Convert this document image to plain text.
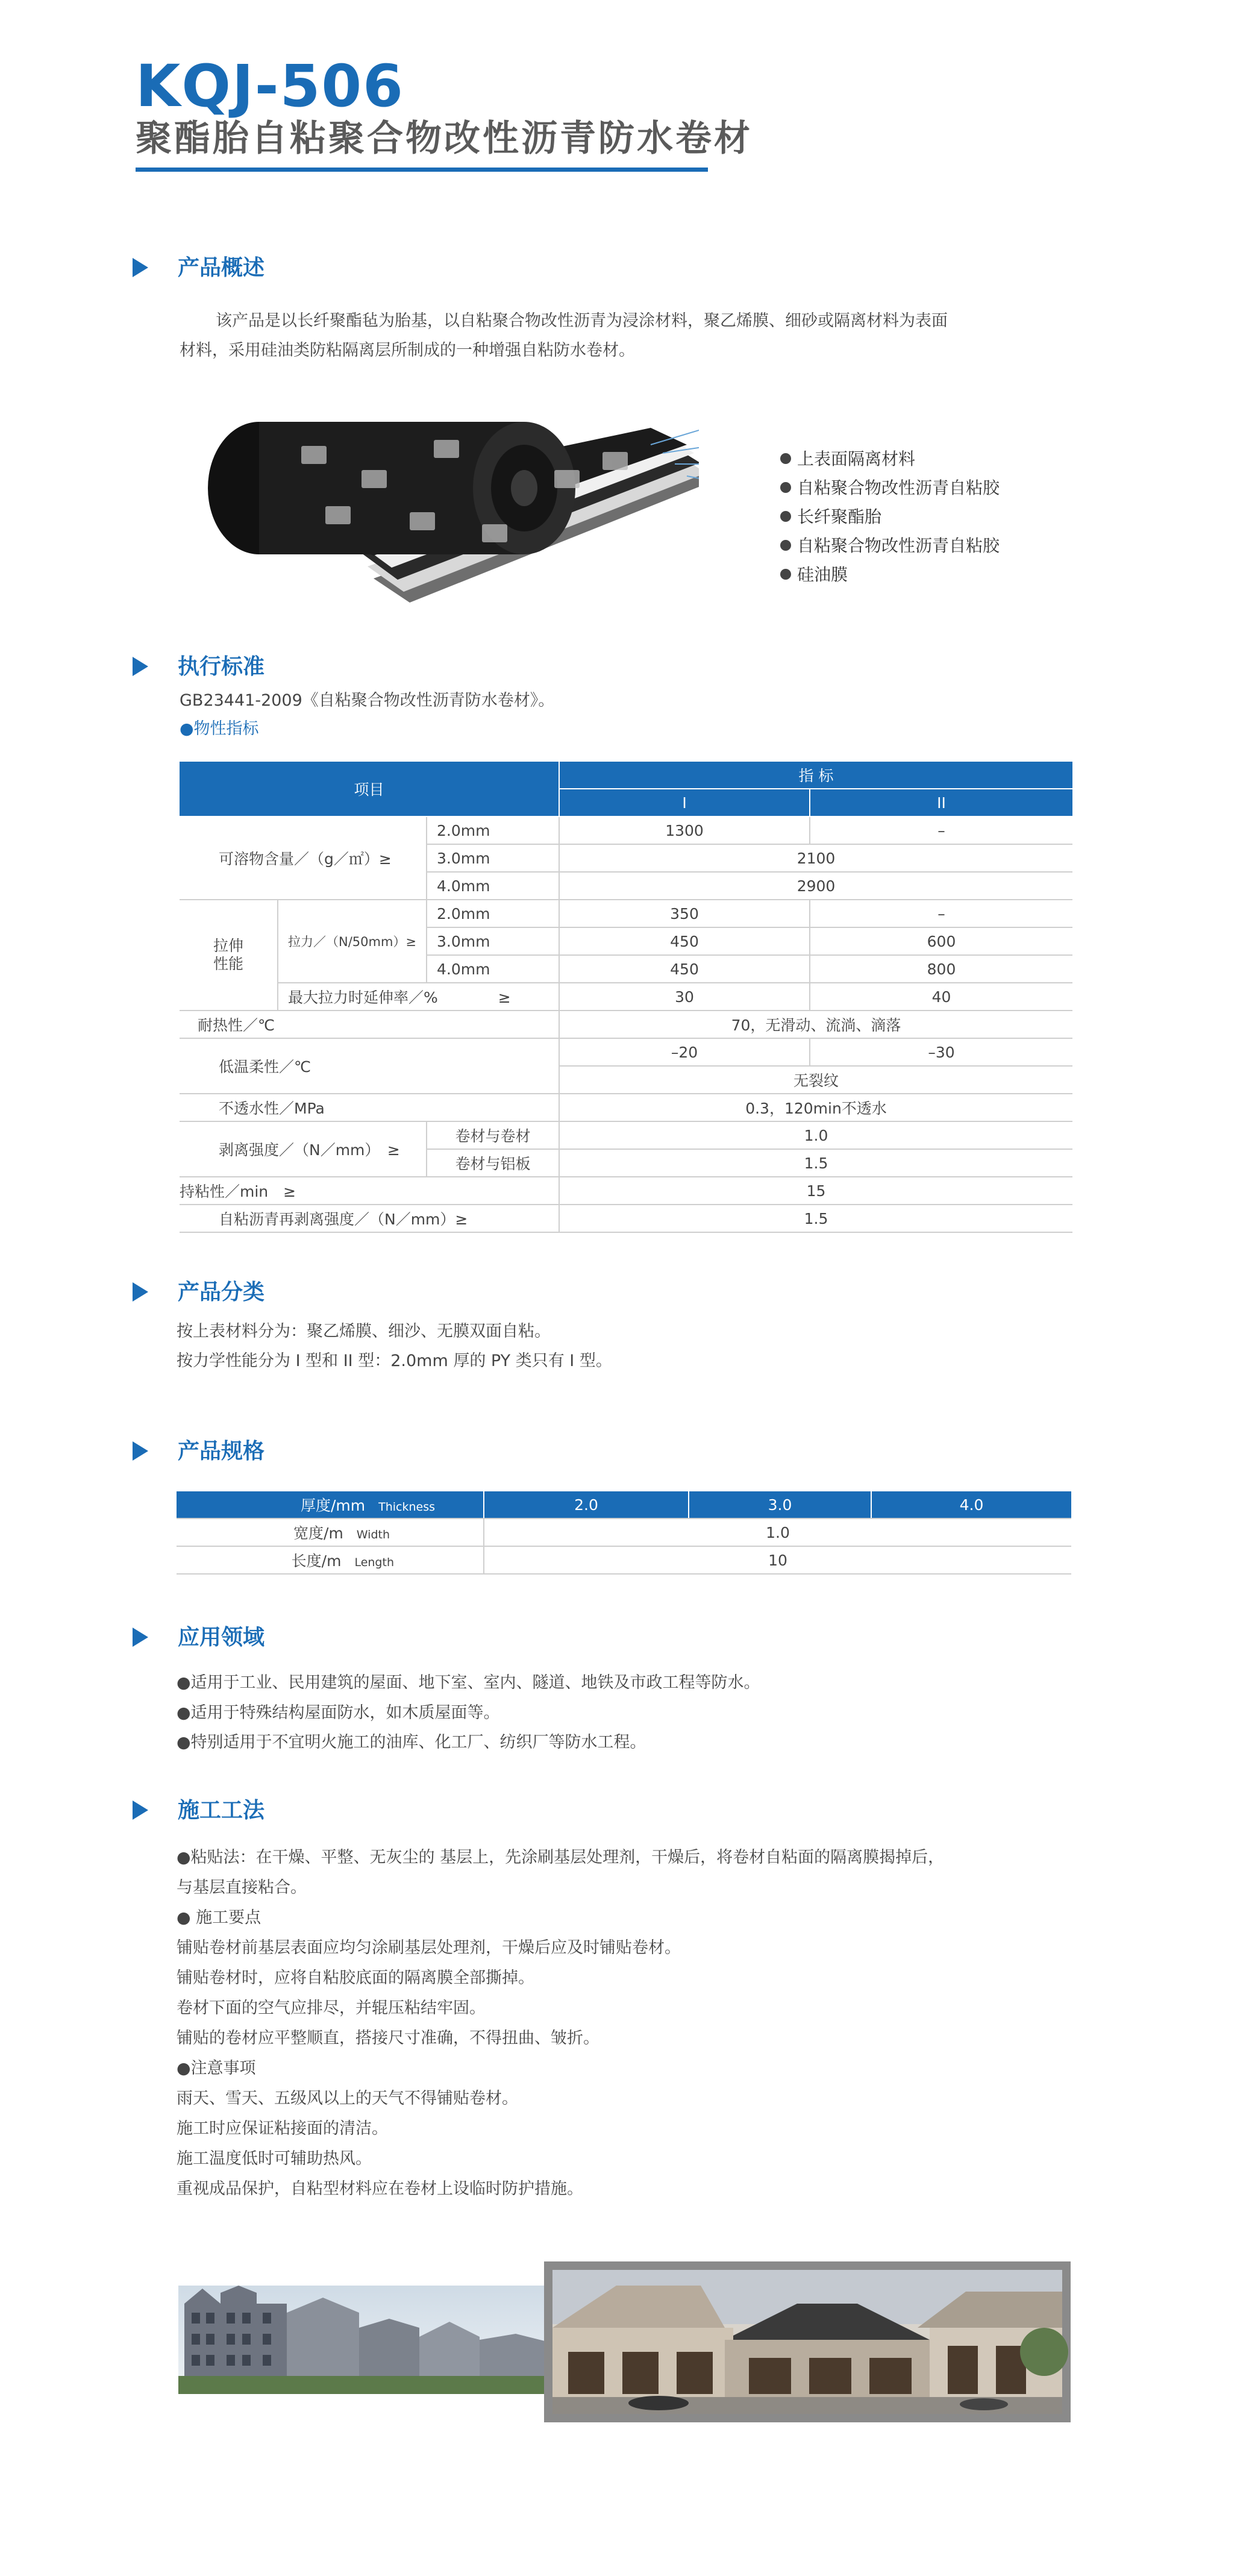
KQJ-506
聚酯胎自粘聚合物改性沥青防水卷材
产品概述
该产品是以长纤聚酯毡为胎基，以自粘聚合物改性沥青为浸涂材料，聚乙烯膜、细砂或隔离材料为表面
材料，采用硅油类防粘隔离层所制成的一种增强自粘防水卷材。
上表面隔离材料
自粘聚合物改性沥青自粘胶
长纤聚酯胎
自粘聚合物改性沥青自粘胶
硅油膜
执行标准
GB23441-2009《自粘聚合物改性沥青防水卷材》。
●物性指标
项目			指 标	
			I	II
可溶物含量／（g／㎡）≥		2.0mm	1300	–
		3.0mm	2100	
		4.0mm	2900	
拉伸
性能	拉力／（N/50mm）≥	2.0mm	350	–
		3.0mm	450	600
		4.0mm	450	800
	最大拉力时延伸率／%　　　　≥		30	40
耐热性／℃			70，无滑动、流淌、滴落	
低温柔性／℃			–20	–30
			无裂纹	
不透水性／MPa			0.3，120min不透水	
剥离强度／（N／mm）　≥		卷材与卷材	1.0	
		卷材与铝板	1.5	
持粘性／min　≥			15	
自粘沥青再剥离强度／（N／mm）≥			1.5	
产品分类
按上表材料分为：聚乙烯膜、细沙、无膜双面自粘。
按力学性能分为 I 型和 II 型：2.0mm 厚的 PY 类只有 I 型。
产品规格
厚度/mm Thickness	2.0	3.0	4.0
宽度/m Width	1.0		
长度/m Length	10		
应用领域
●适用于工业、民用建筑的屋面、地下室、室内、隧道、地铁及市政工程等防水。
●适用于特殊结构屋面防水，如木质屋面等。
●特别适用于不宜明火施工的油库、化工厂、纺织厂等防水工程。
施工工法
●粘贴法：在干燥、平整、无灰尘的 基层上，先涂刷基层处理剂，干燥后，将卷材自粘面的隔离膜揭掉后，
与基层直接粘合。
● 施工要点
铺贴卷材前基层表面应均匀涂刷基层处理剂，干燥后应及时铺贴卷材。
铺贴卷材时，应将自粘胶底面的隔离膜全部撕掉。
卷材下面的空气应排尽，并辊压粘结牢固。
铺贴的卷材应平整顺直，搭接尺寸准确，不得扭曲、皱折。
●注意事项
雨天、雪天、五级风以上的天气不得铺贴卷材。
施工时应保证粘接面的清洁。
施工温度低时可辅助热风。
重视成品保护，自粘型材料应在卷材上设临时防护措施。
